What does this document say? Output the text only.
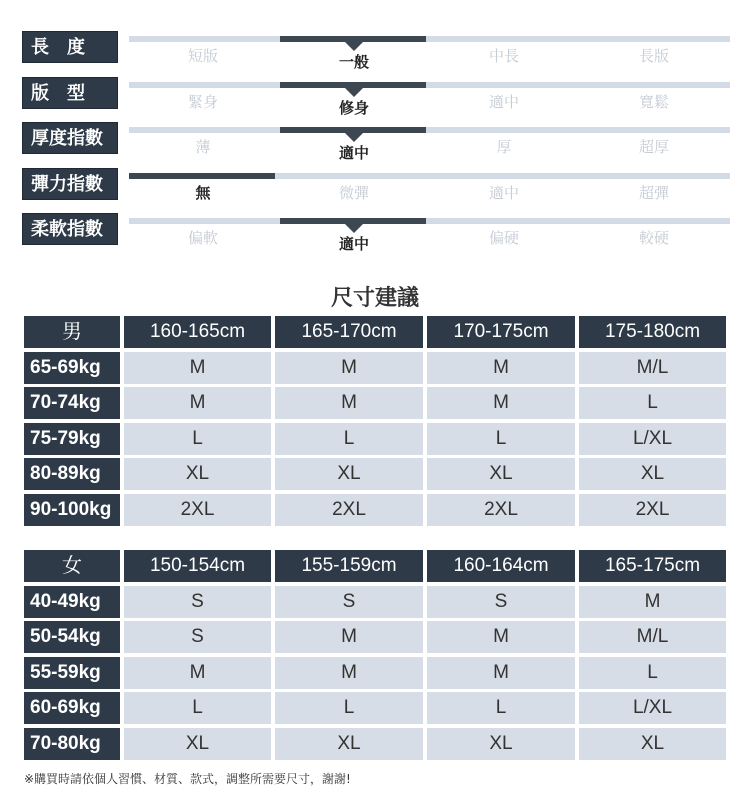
長　度	短版	一般	中長	長版
版　型	緊身	修身	適中	寬鬆
厚度指數	薄	適中	厚	超厚
彈力指數	無	微彈	適中	超彈
柔軟指數	偏軟	適中	偏硬	較硬
尺寸建議
男	160-165cm	165-170cm	170-175cm	175-180cm
65-69kg	M	M	M	M/L
70-74kg	M	M	M	L
75-79kg	L	L	L	L/XL
80-89kg	XL	XL	XL	XL
90-100kg	2XL	2XL	2XL	2XL
女	150-154cm	155-159cm	160-164cm	165-175cm
40-49kg	S	S	S	M
50-54kg	S	M	M	M/L
55-59kg	M	M	M	L
60-69kg	L	L	L	L/XL
70-80kg	XL	XL	XL	XL
※購買時請依個人習慣、材質、款式，調整所需要尺寸，謝謝!
